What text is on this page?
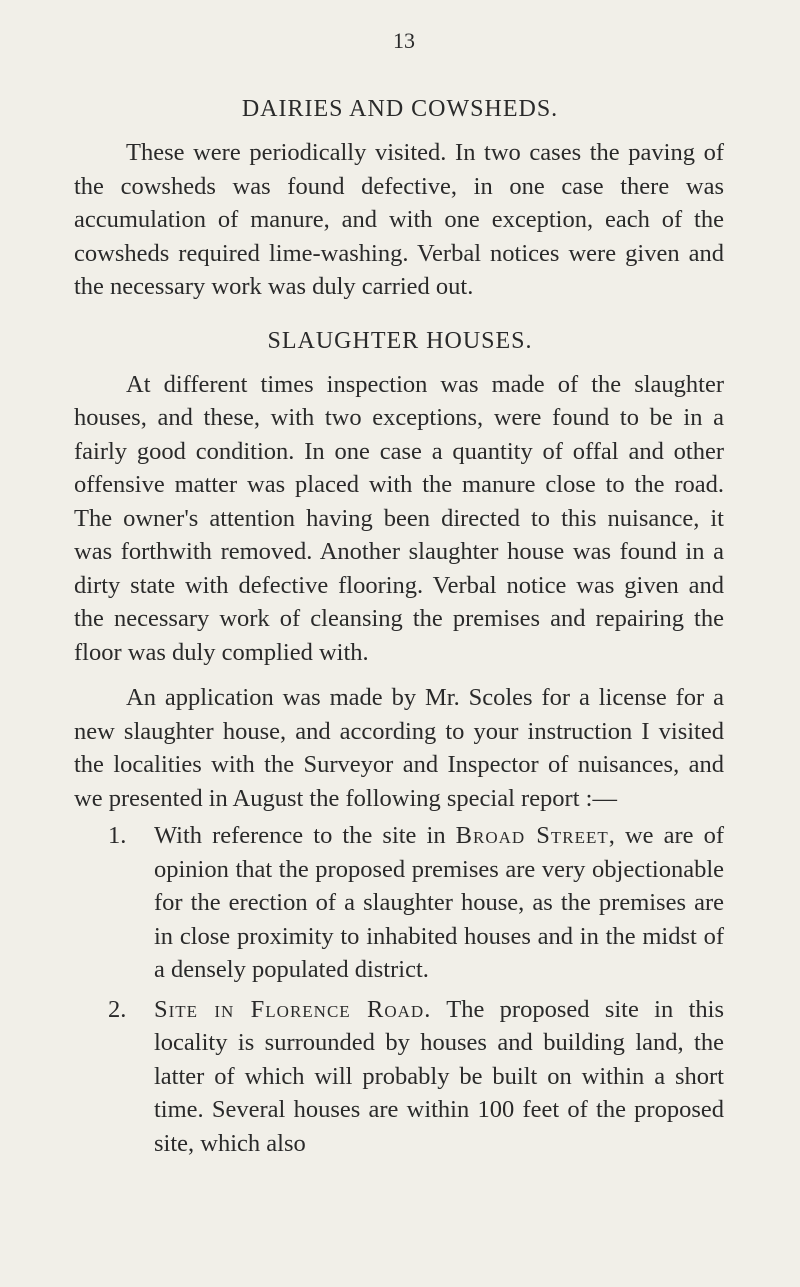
13
DAIRIES AND COWSHEDS.

These were periodically visited. In two cases the paving of the cowsheds was found defective, in one case there was accumulation of manure, and with one exception, each of the cowsheds required lime-washing. Verbal notices were given and the necessary work was duly carried out.

SLAUGHTER HOUSES.

At different times inspection was made of the slaughter houses, and these, with two exceptions, were found to be in a fairly good condition. In one case a quantity of offal and other offensive matter was placed with the manure close to the road. The owner's attention having been directed to this nuisance, it was forthwith removed. Another slaughter house was found in a dirty state with defective flooring. Verbal notice was given and the necessary work of cleansing the premises and repairing the floor was duly complied with.

An application was made by Mr. Scoles for a license for a new slaughter house, and according to your instruction I visited the localities with the Surveyor and Inspector of nuisances, and we presented in August the following special report :—

1. With reference to the site in Broad Street, we are of opinion that the proposed premises are very objectionable for the erection of a slaughter house, as the premises are in close proximity to inhabited houses and in the midst of a densely populated district.
2. Site in Florence Road. The proposed site in this locality is surrounded by houses and building land, the latter of which will probably be built on within a short time. Several houses are within 100 feet of the proposed site, which also
